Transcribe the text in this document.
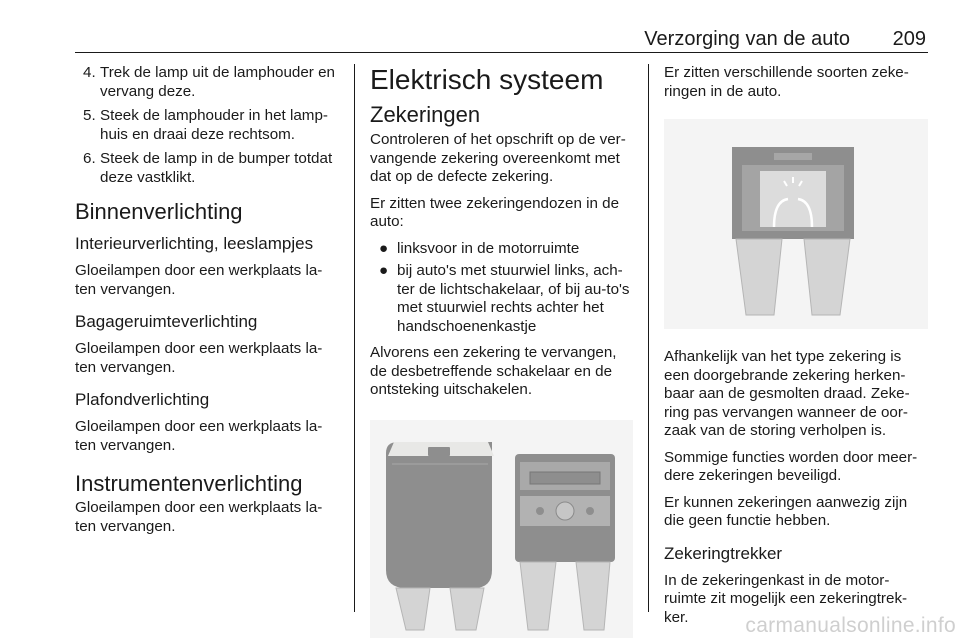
Verzorging van de auto 209
4. Trek de lamp uit de lamphouder en vervang deze.
5. Steek de lamphouder in het lamp-huis en draai deze rechtsom.
6. Steek de lamp in de bumper totdat deze vastklikt.
Binnenverlichting
Interieurverlichting, leeslampjes

Gloeilampen door een werkplaats la-ten vervangen.

Bagageruimteverlichting

Gloeilampen door een werkplaats la-ten vervangen.

Plafondverlichting

Gloeilampen door een werkplaats la-ten vervangen.

Instrumentenverlichting

Gloeilampen door een werkplaats la-ten vervangen.

Elektrisch systeem
Zekeringen

Controleren of het opschrift op de ver-vangende zekering overeenkomt met dat op de defecte zekering.

Er zitten twee zekeringendozen in de auto:

● linksvoor in de motorruimte
● bij auto's met stuurwiel links, ach-ter de lichtschakelaar, of bij au-to's met stuurwiel rechts achter het handschoenenkastje

Alvorens een zekering te vervangen, de desbetreffende schakelaar en de ontsteking uitschakelen.

Er zitten verschillende soorten zeke-ringen in de auto.

Afhankelijk van het type zekering is een doorgebrande zekering herken-baar aan de gesmolten draad. Zeke-ring pas vervangen wanneer de oor-zaak van de storing verholpen is.

Sommige functies worden door meer-dere zekeringen beveiligd.

Er kunnen zekeringen aanwezig zijn die geen functie hebben.

Zekeringtrekker

In de zekeringenkast in de motor-ruimte zit mogelijk een zekeringtrek-ker.	carmanualsonline.info
